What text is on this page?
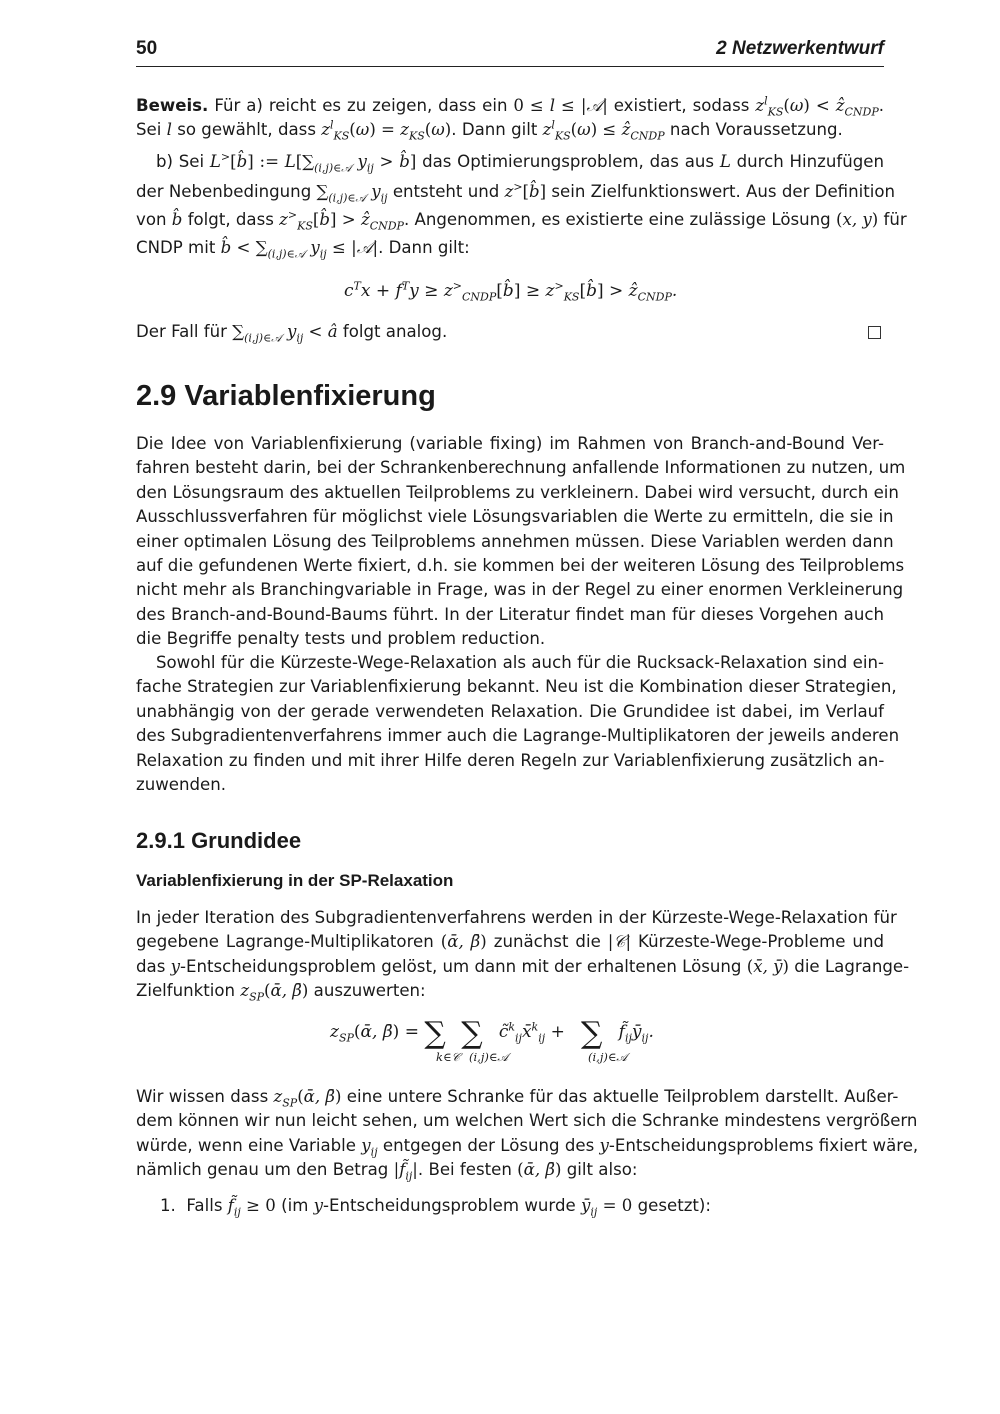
50	2 Netzwerkentwurf
Beweis. Für a) reicht es zu zeigen, dass ein 0 ≤ l ≤ |𝒜| existiert, sodass $z^l_{KS}(\omega)$ < ẑ$_{CNDP}$.
Sei l so gewählt, dass $z^l_{KS}(\omega) = z_{KS}(\omega)$. Dann gilt $z^l_{KS}(\omega)$ ≤ ẑ$_{CNDP}$ nach Voraussetzung.
b) Sei L>[b̂] := $L[\sum_{(i,j)\in 𝒜}$ $y_{ij}$ > b̂] das Optimierungsproblem, das aus L durch Hinzufügen
der Nebenbedingung $\sum_{(i,j)\in 𝒜}$ $y_{ij}$ entsteht und z>[b̂] sein Zielfunktionswert. Aus der Definition
von b̂ folgt, dass $z^>_{KS}[b̂]$ > ẑ$_{CNDP}$. Angenommen, es existierte eine zulässige Lösung (x, y) für
CNDP mit b̂ < $\sum_{(i,j)\in 𝒜}$ $y_{ij}$ ≤ |𝒜|. Dann gilt:
$c^Tx + f^Ty$ ≥ $z^>_{CNDP}[b̂]$ ≥ $z^>_{KS}[b̂]$ > ẑ$_{CNDP}$.
Der Fall für $\sum_{(i,j)\in 𝒜}$ $y_{ij}$ < â folgt analog.
2.9 Variablenfixierung
Die Idee von Variablenfixierung (variable fixing) im Rahmen von Branch-and-Bound Ver-
fahren besteht darin, bei der Schrankenberechnung anfallende Informationen zu nutzen, um
den Lösungsraum des aktuellen Teilproblems zu verkleinern. Dabei wird versucht, durch ein
Ausschlussverfahren für möglichst viele Lösungsvariablen die Werte zu ermitteln, die sie in
einer optimalen Lösung des Teilproblems annehmen müssen. Diese Variablen werden dann
auf die gefundenen Werte fixiert, d.h. sie kommen bei der weiteren Lösung des Teilproblems
nicht mehr als Branchingvariable in Frage, was in der Regel zu einer enormen Verkleinerung
des Branch-and-Bound-Baums führt. In der Literatur findet man für dieses Vorgehen auch
die Begriffe penalty tests und problem reduction.
Sowohl für die Kürzeste-Wege-Relaxation als auch für die Rucksack-Relaxation sind ein-
fache Strategien zur Variablenfixierung bekannt. Neu ist die Kombination dieser Strategien,
unabhängig von der gerade verwendeten Relaxation. Die Grundidee ist dabei, im Verlauf
des Subgradientenverfahrens immer auch die Lagrange-Multiplikatoren der jeweils anderen
Relaxation zu finden und mit ihrer Hilfe deren Regeln zur Variablenfixierung zusätzlich an-
zuwenden.
2.9.1 Grundidee
Variablenfixierung in der SP-Relaxation
In jeder Iteration des Subgradientenverfahrens werden in der Kürzeste-Wege-Relaxation für
gegebene Lagrange-Multiplikatoren (ᾱ, β̄) zunächst die |𝒞| Kürzeste-Wege-Probleme und
das y-Entscheidungsproblem gelöst, um dann mit der erhaltenen Lösung (x̄, ȳ) die Lagrange-
Zielfunktion $z_{SP}(ᾱ$, β̄) auszuwerten:
$z_{SP}(ᾱ$, β̄) = ∑ ∑   c̃$^k_{ij}$x̄$^k_{ij}$ + ∑   $f̃_{ij}ȳ_{ij}$.
k∈𝒞 (i,j)∈𝒜	(i,j)∈𝒜
Wir wissen dass $z_{SP}(ᾱ$, β̄) eine untere Schranke für das aktuelle Teilproblem darstellt. Außer-
dem können wir nun leicht sehen, um welchen Wert sich die Schranke mindestens vergrößern
würde, wenn eine Variable $y_{ij}$ entgegen der Lösung des y-Entscheidungsproblems fixiert wäre,
nämlich genau um den Betrag $|f̃_{ij}|$. Bei festen (ᾱ, β̄) gilt also:
1. Falls $f̃_{ij} \ge 0$ (im y-Entscheidungsproblem wurde $ȳ_{ij} = 0$ gesetzt):
